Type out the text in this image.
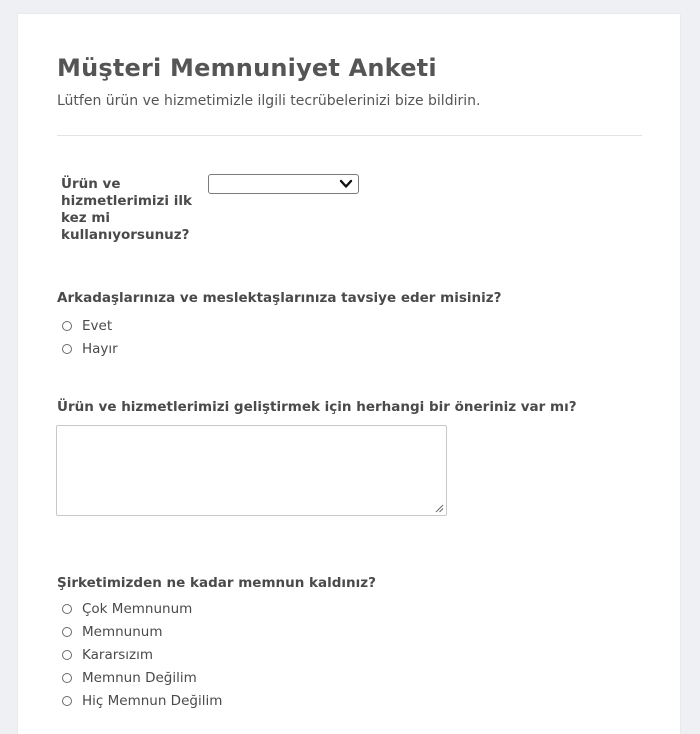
Müşteri Memnuniyet Anketi
Lütfen ürün ve hizmetimizle ilgili tecrübelerinizi bize bildirin.
Ürün ve hizmetlerimizi ilk kez mi kullanıyorsunuz?
Arkadaşlarınıza ve meslektaşlarınıza tavsiye eder misiniz?
Evet
Hayır
Ürün ve hizmetlerimizi geliştirmek için herhangi bir öneriniz var mı?
Şirketimizden ne kadar memnun kaldınız?
Çok Memnunum
Memnunum
Kararsızım
Memnun Değilim
Hiç Memnun Değilim
